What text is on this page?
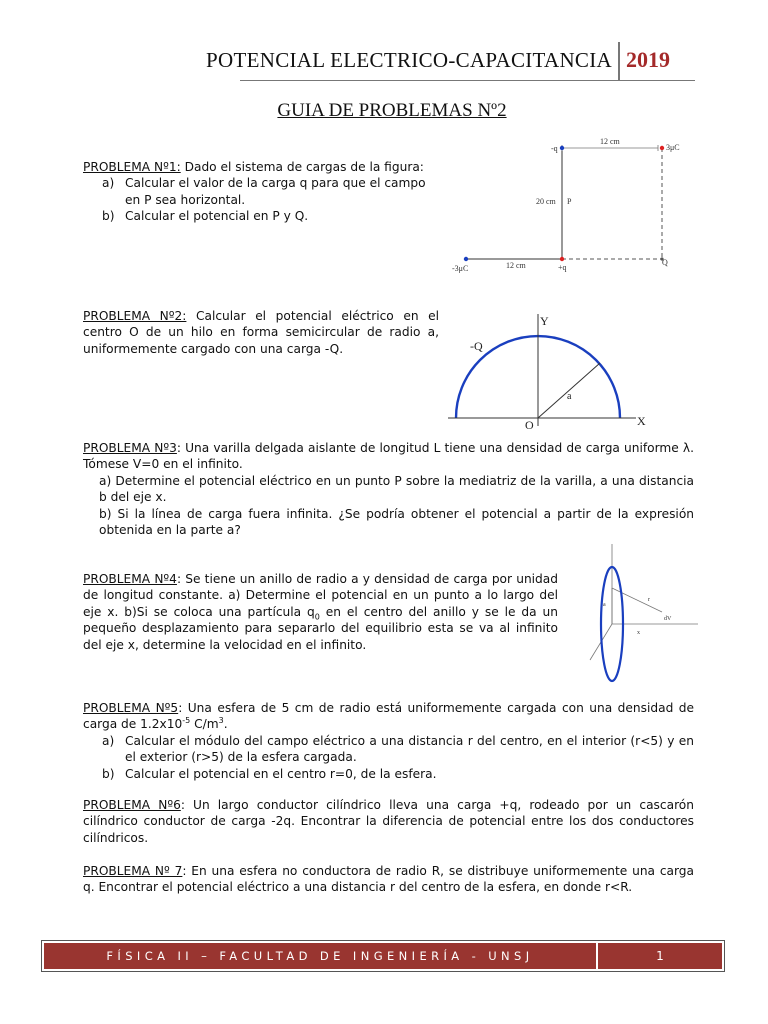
POTENCIAL ELECTRICO-CAPACITANCIA 2019
GUIA DE PROBLEMAS Nº2

PROBLEMA Nº1: Dado el sistema de cargas de la figura:

a) Calcular el valor de la carga q para que el campo en P sea horizontal.
b) Calcular el potencial en P y Q.
12 cm
-q	3μC
20 cm P
-3μC	12 cm	+q
Q

PROBLEMA Nº2: Calcular el potencial eléctrico en el centro O de un hilo en forma semicircular de radio a, uniformemente cargado con una carga -Q.

Y
X
O
-Q
a

PROBLEMA Nº3: Una varilla delgada aislante de longitud L tiene una densidad de carga uniforme λ. Tómese V=0 en el infinito.

a) Determine el potencial eléctrico en un punto P sobre la mediatriz de la varilla, a una distancia b del eje x.
b) Si la línea de carga fuera infinita. ¿Se podría obtener el potencial a partir de la expresión obtenida en la parte a?

PROBLEMA Nº4: Se tiene un anillo de radio a y densidad de carga por unidad de longitud constante. a) Determine el potencial en un punto a lo largo del eje x. b)Si se coloca una partícula $q_0$ en el centro del anillo y se le da un pequeño desplazamiento para separarlo del equilibrio esta se va al infinito del eje x, determine la velocidad en el infinito.

a
r
dV
x

PROBLEMA Nº5: Una esfera de 5 cm de radio está uniformemente cargada con una densidad de carga de $1.2x10^{-5}$ $C/m^3$.

a) Calcular el módulo del campo eléctrico a una distancia r del centro, en el interior (r<5) y en el exterior (r>5) de la esfera cargada.
b) Calcular el potencial en el centro r=0, de la esfera.

PROBLEMA Nº6: Un largo conductor cilíndrico lleva una carga +q, rodeado por un cascarón cilíndrico conductor de carga -2q. Encontrar la diferencia de potencial entre los dos conductores cilíndricos.

PROBLEMA Nº 7: En una esfera no conductora de radio R, se distribuye uniformemente una carga q. Encontrar el potencial eléctrico a una distancia r del centro de la esfera, en donde r<R.

FÍSICA II – FACULTAD DE INGENIERÍA - UNSJ	1
